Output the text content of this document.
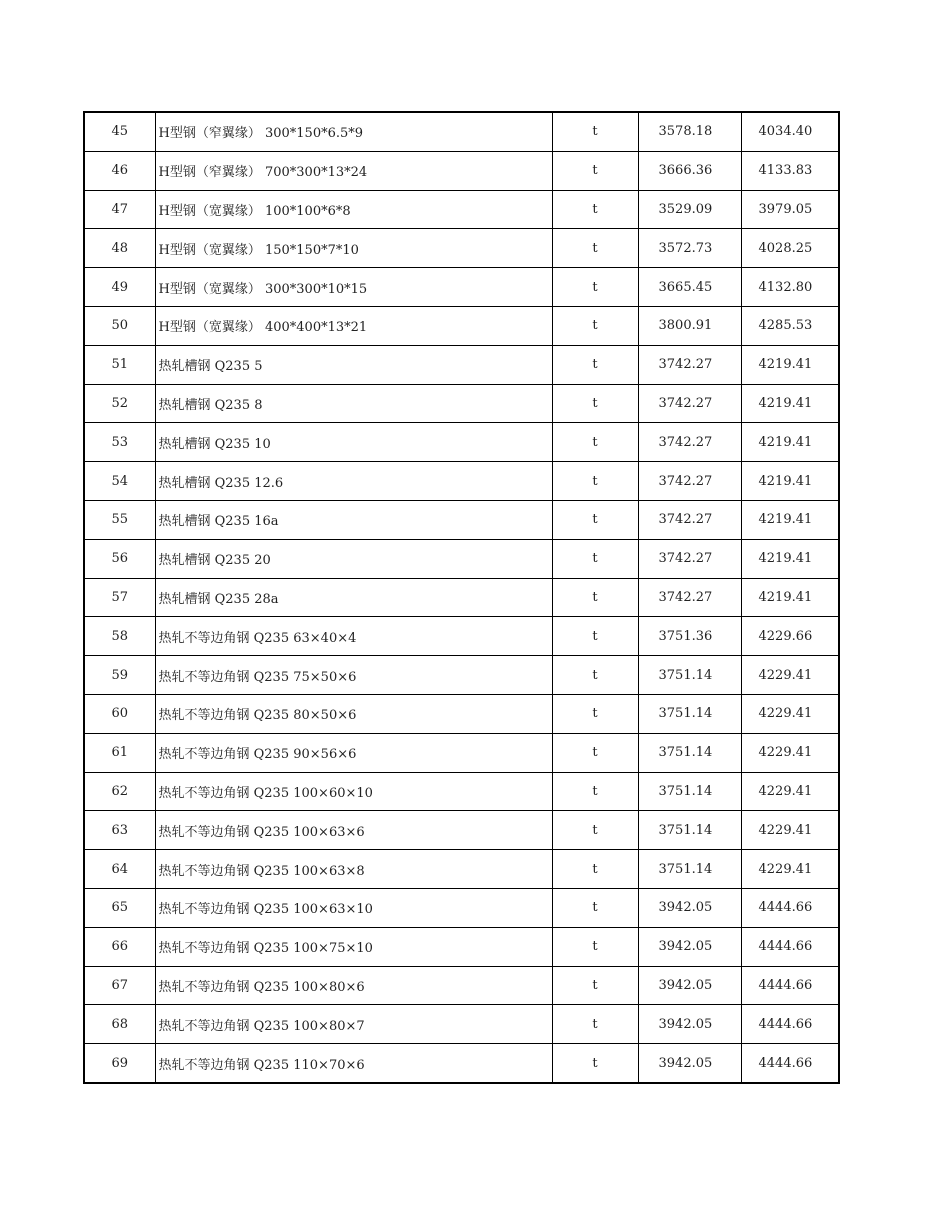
45	H型钢（窄翼缘） 300*150*6.5*9	t	3578.18	4034.40
46	H型钢（窄翼缘） 700*300*13*24	t	3666.36	4133.83
47	H型钢（宽翼缘） 100*100*6*8	t	3529.09	3979.05
48	H型钢（宽翼缘） 150*150*7*10	t	3572.73	4028.25
49	H型钢（宽翼缘） 300*300*10*15	t	3665.45	4132.80
50	H型钢（宽翼缘） 400*400*13*21	t	3800.91	4285.53
51	热轧槽钢 Q235 5	t	3742.27	4219.41
52	热轧槽钢 Q235 8	t	3742.27	4219.41
53	热轧槽钢 Q235 10	t	3742.27	4219.41
54	热轧槽钢 Q235 12.6	t	3742.27	4219.41
55	热轧槽钢 Q235 16a	t	3742.27	4219.41
56	热轧槽钢 Q235 20	t	3742.27	4219.41
57	热轧槽钢 Q235 28a	t	3742.27	4219.41
58	热轧不等边角钢 Q235 63×40×4	t	3751.36	4229.66
59	热轧不等边角钢 Q235 75×50×6	t	3751.14	4229.41
60	热轧不等边角钢 Q235 80×50×6	t	3751.14	4229.41
61	热轧不等边角钢 Q235 90×56×6	t	3751.14	4229.41
62	热轧不等边角钢 Q235 100×60×10	t	3751.14	4229.41
63	热轧不等边角钢 Q235 100×63×6	t	3751.14	4229.41
64	热轧不等边角钢 Q235 100×63×8	t	3751.14	4229.41
65	热轧不等边角钢 Q235 100×63×10	t	3942.05	4444.66
66	热轧不等边角钢 Q235 100×75×10	t	3942.05	4444.66
67	热轧不等边角钢 Q235 100×80×6	t	3942.05	4444.66
68	热轧不等边角钢 Q235 100×80×7	t	3942.05	4444.66
69	热轧不等边角钢 Q235 110×70×6	t	3942.05	4444.66
